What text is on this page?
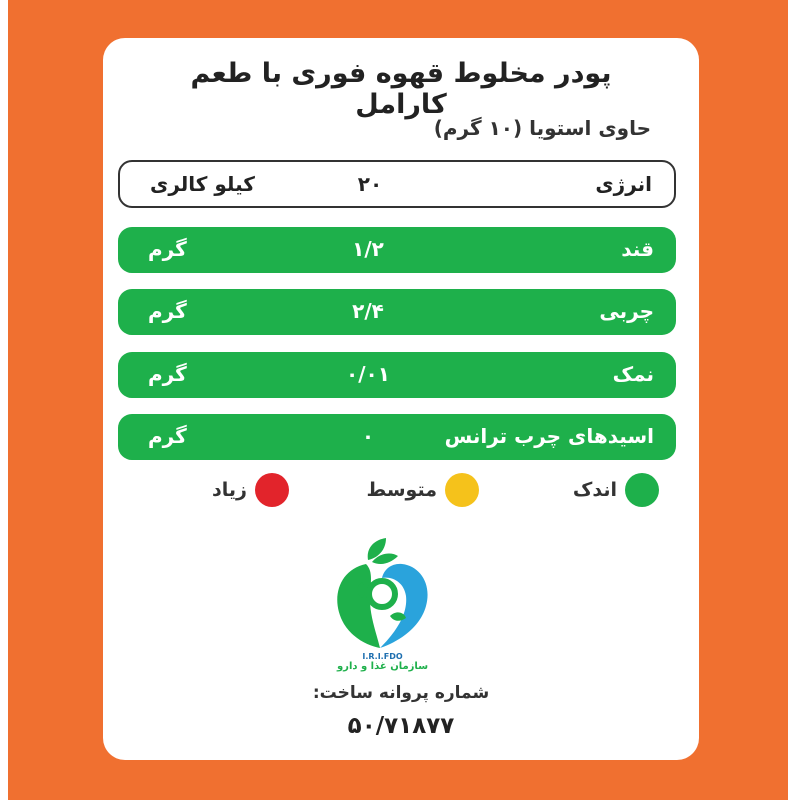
پودر مخلوط قهوه فوری با طعم کارامل
حاوی استویا (۱۰ گرم)
انرژی
۲۰
کیلو کالری
قند
۱/۲
گرم
چربی
۲/۴
گرم
نمک
۰/۰۱
گرم
اسیدهای چرب ترانس
۰
گرم
اندک
متوسط
زیاد
I.R.I.FDO
سازمان غذا و دارو
شماره پروانه ساخت:
۵۰/۷۱۸۷۷
